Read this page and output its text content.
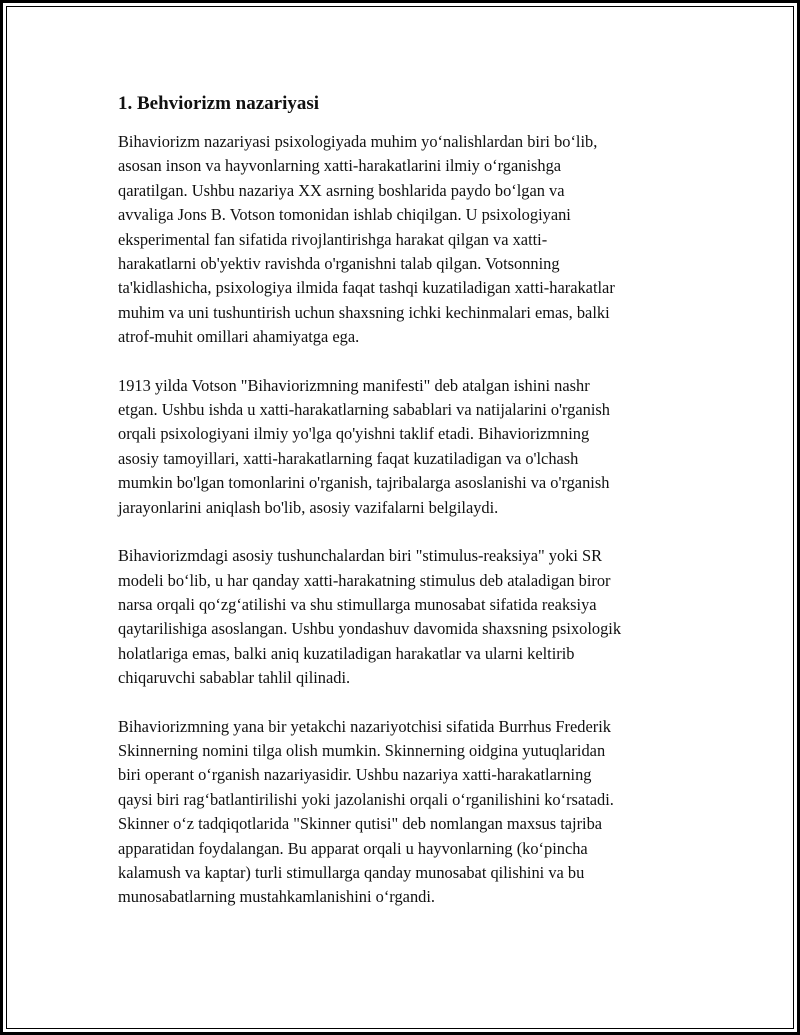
1. Behviorizm nazariyasi

Bihaviorizm nazariyasi psixologiyada muhim yo‘nalishlardan biri bo‘lib,
asosan inson va hayvonlarning xatti-harakatlarini ilmiy o‘rganishga
qaratilgan. Ushbu nazariya XX asrning boshlarida paydo bo‘lgan va
avvaliga Jons B. Votson tomonidan ishlab chiqilgan. U psixologiyani
eksperimental fan sifatida rivojlantirishga harakat qilgan va xatti-
harakatlarni ob'yektiv ravishda o'rganishni talab qilgan. Votsonning
ta'kidlashicha, psixologiya ilmida faqat tashqi kuzatiladigan xatti-harakatlar
muhim va uni tushuntirish uchun shaxsning ichki kechinmalari emas, balki
atrof-muhit omillari ahamiyatga ega.

1913 yilda Votson "Bihaviorizmning manifesti" deb atalgan ishini nashr
etgan. Ushbu ishda u xatti-harakatlarning sabablari va natijalarini o'rganish
orqali psixologiyani ilmiy yo'lga qo'yishni taklif etadi. Bihaviorizmning
asosiy tamoyillari, xatti-harakatlarning faqat kuzatiladigan va o'lchash
mumkin bo'lgan tomonlarini o'rganish, tajribalarga asoslanishi va o'rganish
jarayonlarini aniqlash bo'lib, asosiy vazifalarni belgilaydi.

Bihaviorizmdagi asosiy tushunchalardan biri "stimulus-reaksiya" yoki SR
modeli bo‘lib, u har qanday xatti-harakatning stimulus deb ataladigan biror
narsa orqali qo‘zg‘atilishi va shu stimullarga munosabat sifatida reaksiya
qaytarilishiga asoslangan. Ushbu yondashuv davomida shaxsning psixologik
holatlariga emas, balki aniq kuzatiladigan harakatlar va ularni keltirib
chiqaruvchi sabablar tahlil qilinadi.

Bihaviorizmning yana bir yetakchi nazariyotchisi sifatida Burrhus Frederik
Skinnerning nomini tilga olish mumkin. Skinnerning oidgina yutuqlaridan
biri operant o‘rganish nazariyasidir. Ushbu nazariya xatti-harakatlarning
qaysi biri rag‘batlantirilishi yoki jazolanishi orqali o‘rganilishini ko‘rsatadi.
Skinner o‘z tadqiqotlarida "Skinner qutisi" deb nomlangan maxsus tajriba
apparatidan foydalangan. Bu apparat orqali u hayvonlarning (ko‘pincha
kalamush va kaptar) turli stimullarga qanday munosabat qilishini va bu
munosabatlarning mustahkamlanishini o‘rgandi.
